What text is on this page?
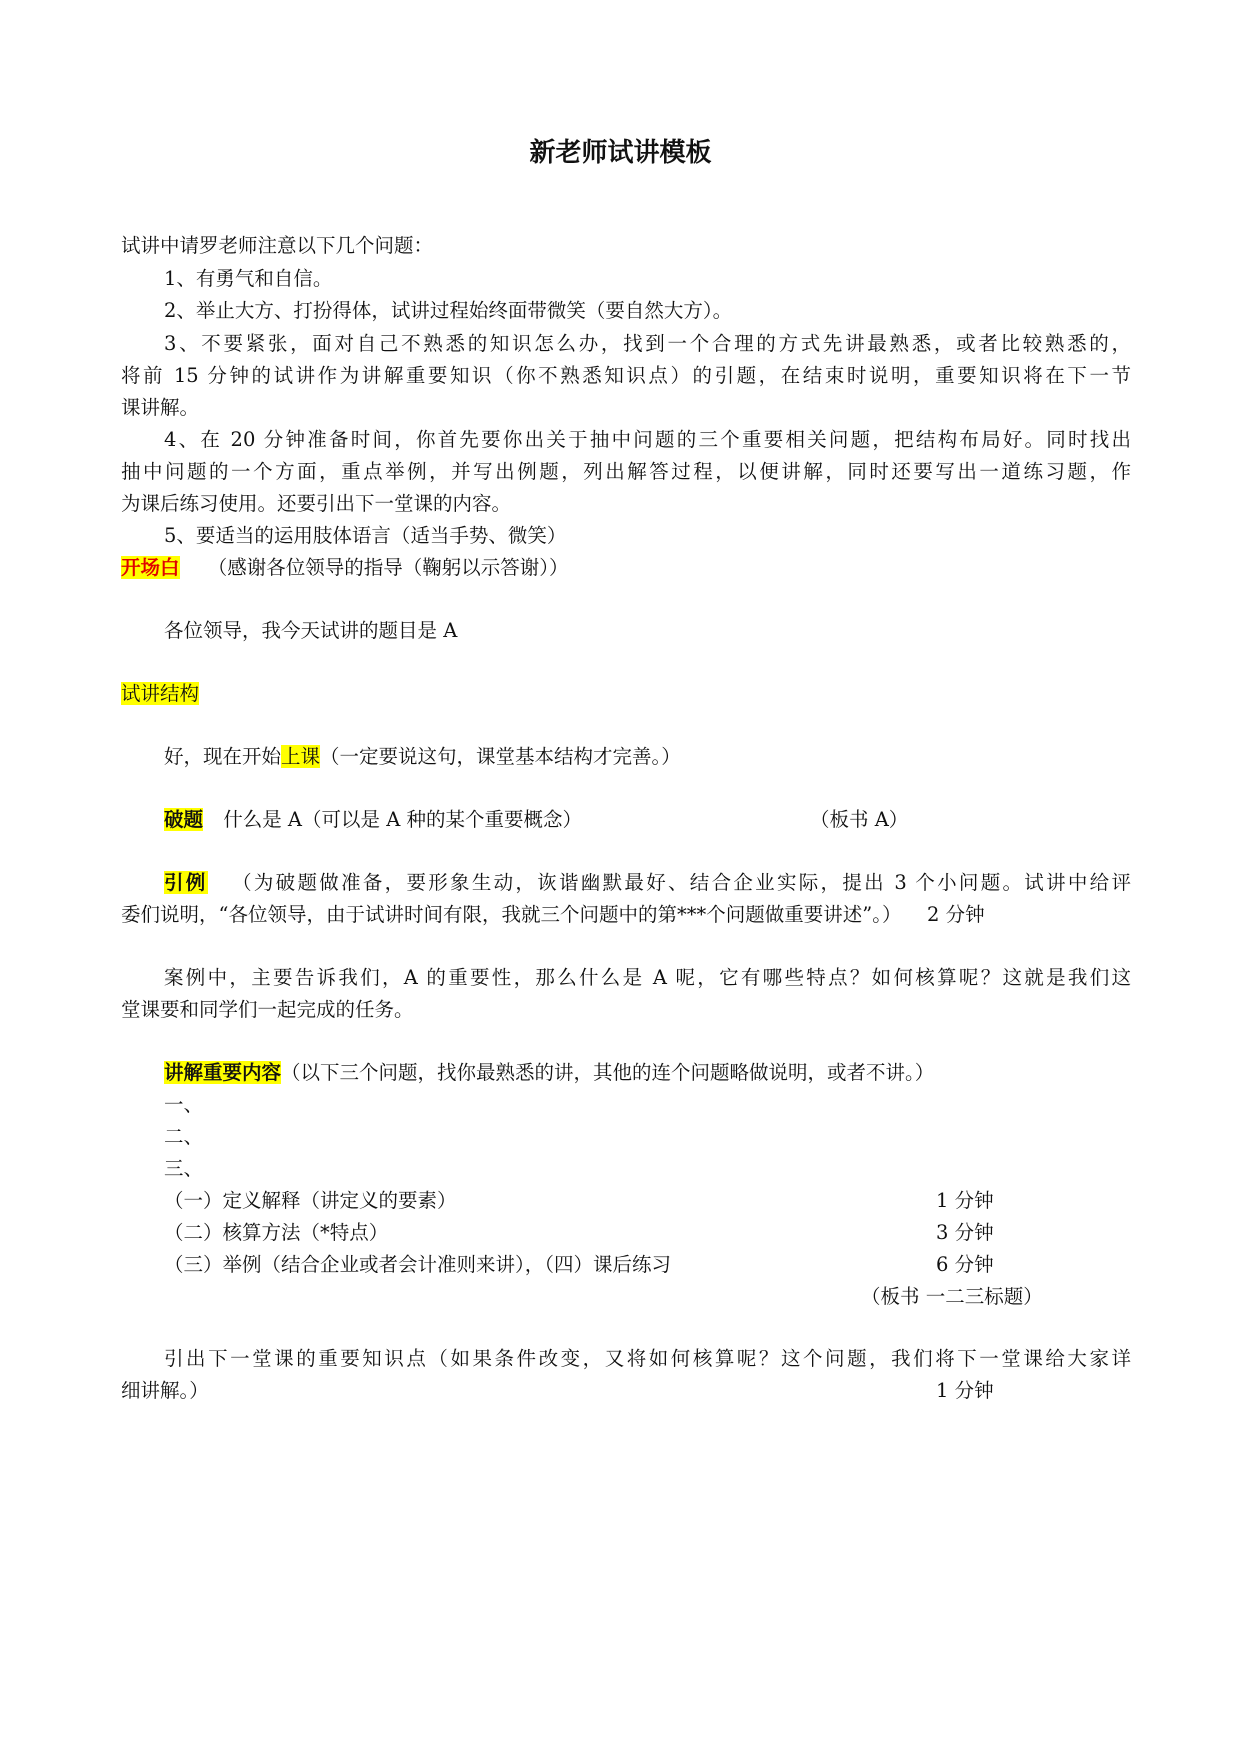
新老师试讲模板
试讲中请罗老师注意以下几个问题：
1、有勇气和自信。
2、举止大方、打扮得体，试讲过程始终面带微笑（要自然大方）。
3、不要紧张，面对自己不熟悉的知识怎么办，找到一个合理的方式先讲最熟悉，或者比较熟悉的，
将前 15 分钟的试讲作为讲解重要知识（你不熟悉知识点）的引题，在结束时说明，重要知识将在下一节
课讲解。
4、在 20 分钟准备时间，你首先要你出关于抽中问题的三个重要相关问题，把结构布局好。同时找出
抽中问题的一个方面，重点举例，并写出例题，列出解答过程，以便讲解，同时还要写出一道练习题，作
为课后练习使用。还要引出下一堂课的内容。
5、要适当的运用肢体语言（适当手势、微笑）
开场白 （感谢各位领导的指导（鞠躬以示答谢））
各位领导，我今天试讲的题目是 A
试讲结构
好，现在开始上课（一定要说这句，课堂基本结构才完善。）
破题 什么是 A（可以是 A 种的某个重要概念）	（板书 A）
引例 （为破题做准备，要形象生动，诙谐幽默最好、结合企业实际，提出 3 个小问题。试讲中给评
委们说明，“各位领导，由于试讲时间有限，我就三个问题中的第***个问题做重要讲述”。） 2 分钟
案例中，主要告诉我们，A 的重要性，那么什么是 A 呢，它有哪些特点？如何核算呢？这就是我们这
堂课要和同学们一起完成的任务。
讲解重要内容（以下三个问题，找你最熟悉的讲，其他的连个问题略做说明，或者不讲。）
一、
二、
三、
（一）定义解释（讲定义的要素）	1 分钟
（二）核算方法（*特点）	3 分钟
（三）举例（结合企业或者会计准则来讲），（四）课后练习	6 分钟
（板书 一二三标题）
引出下一堂课的重要知识点（如果条件改变，又将如何核算呢？这个问题，我们将下一堂课给大家详
细讲解。）	1 分钟
